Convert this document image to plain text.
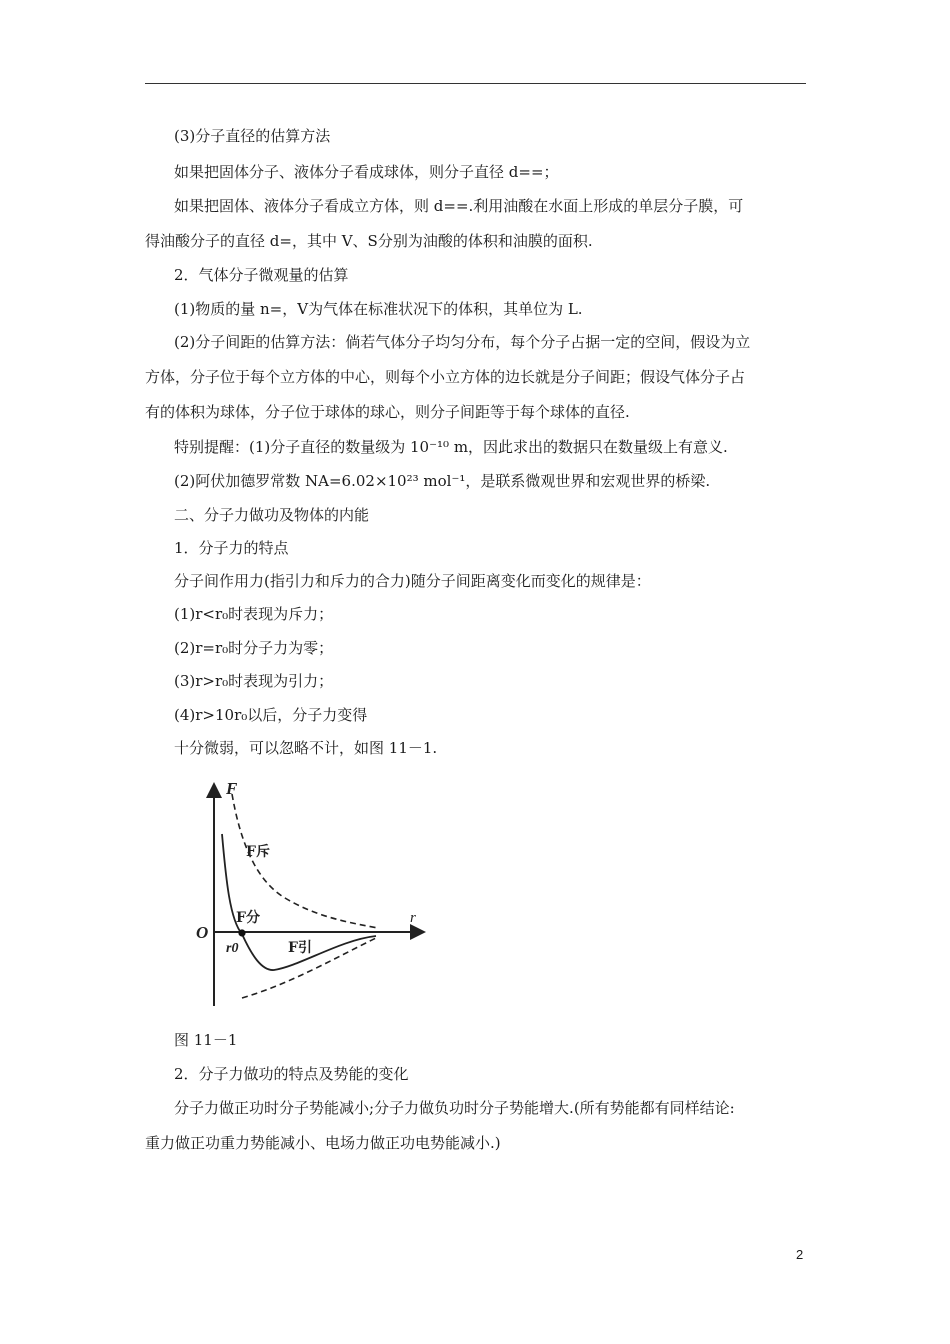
(3)分子直径的估算方法
如果把固体分子、液体分子看成球体，则分子直径 d==；
如果把固体、液体分子看成立方体，则 d==.利用油酸在水面上形成的单层分子膜，可
得油酸分子的直径 d=，其中 V、S分别为油酸的体积和油膜的面积.
2．气体分子微观量的估算
(1)物质的量 n=，V为气体在标准状况下的体积，其单位为 L.
(2)分子间距的估算方法：倘若气体分子均匀分布，每个分子占据一定的空间，假设为立
方体，分子位于每个立方体的中心，则每个小立方体的边长就是分子间距；假设气体分子占
有的体积为球体，分子位于球体的球心，则分子间距等于每个球体的直径.
特别提醒：(1)分子直径的数量级为 10⁻¹⁰ m，因此求出的数据只在数量级上有意义.
(2)阿伏加德罗常数 NA=6.02×10²³ mol⁻¹，是联系微观世界和宏观世界的桥梁.
二、分子力做功及物体的内能
1．分子力的特点
分子间作用力(指引力和斥力的合力)随分子间距离变化而变化的规律是：
(1)r<r₀时表现为斥力；
(2)r=r₀时分子力为零；
(3)r>r₀时表现为引力；
(4)r>10r₀以后，分子力变得
十分微弱，可以忽略不计，如图 11－1.
F
r
O
r0
F斥
F分
F引
图 11－1
2．分子力做功的特点及势能的变化
分子力做正功时分子势能减小;分子力做负功时分子势能增大.(所有势能都有同样结论:
重力做正功重力势能减小、电场力做正功电势能减小.)
2
